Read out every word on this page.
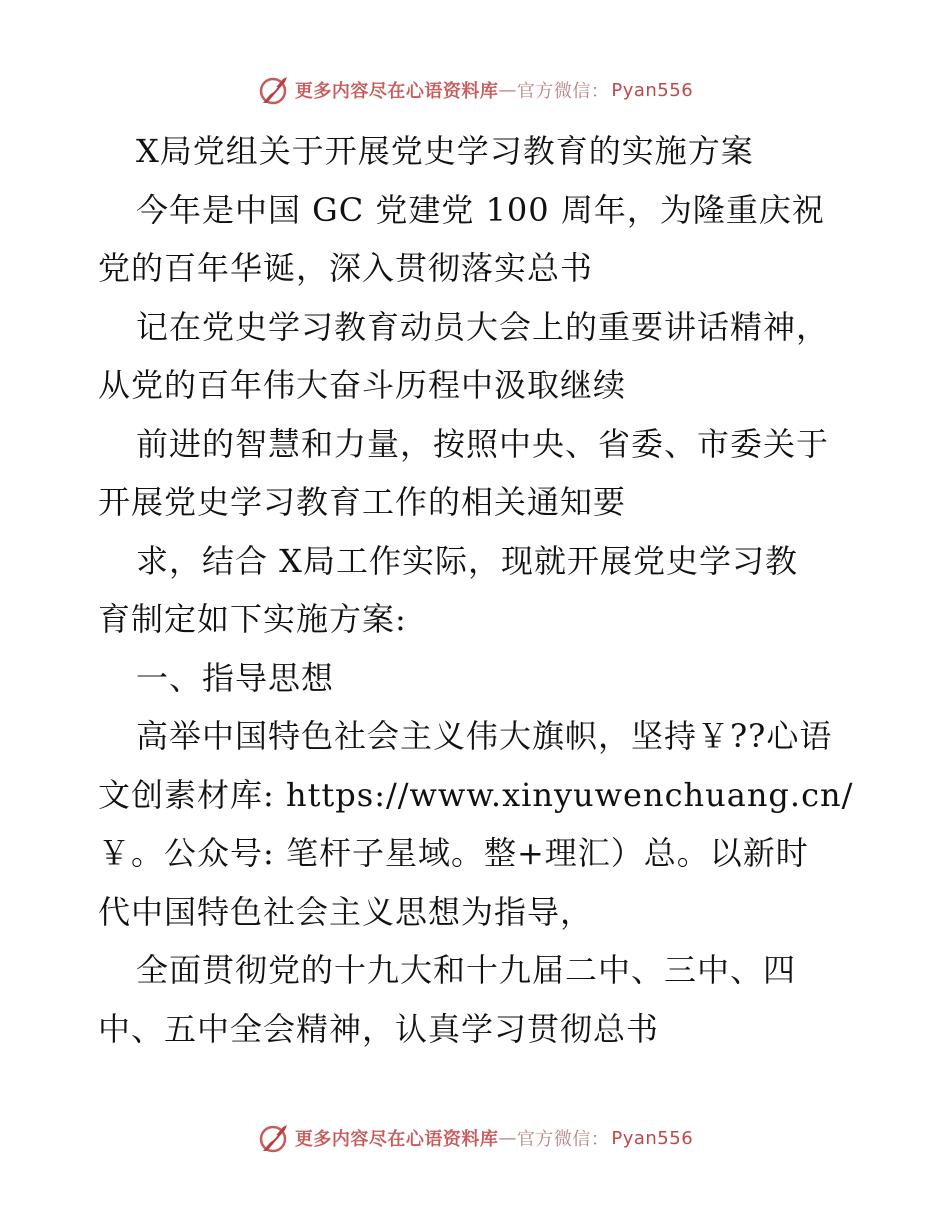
更多内容尽在心语资料库 — 官方微信： Pyan556
X局党组关于开展党史学习教育的实施方案
今年是中国 GC 党建党 100 周年，为隆重庆祝
党的百年华诞，深入贯彻落实总书
记在党史学习教育动员大会上的重要讲话精神，
从党的百年伟大奋斗历程中汲取继续
前进的智慧和力量，按照中央、省委、市委关于
开展党史学习教育工作的相关通知要
求，结合 X局工作实际，现就开展党史学习教
育制定如下实施方案:
一、指导思想
高举中国特色社会主义伟大旗帜，坚持￥??心语
文创素材库: https://www.xinyuwenchuang.cn/
￥。公众号: 笔杆子星域。整+理汇）总。以新时
代中国特色社会主义思想为指导，
全面贯彻党的十九大和十九届二中、三中、四
中、五中全会精神，认真学习贯彻总书
更多内容尽在心语资料库 — 官方微信： Pyan556
